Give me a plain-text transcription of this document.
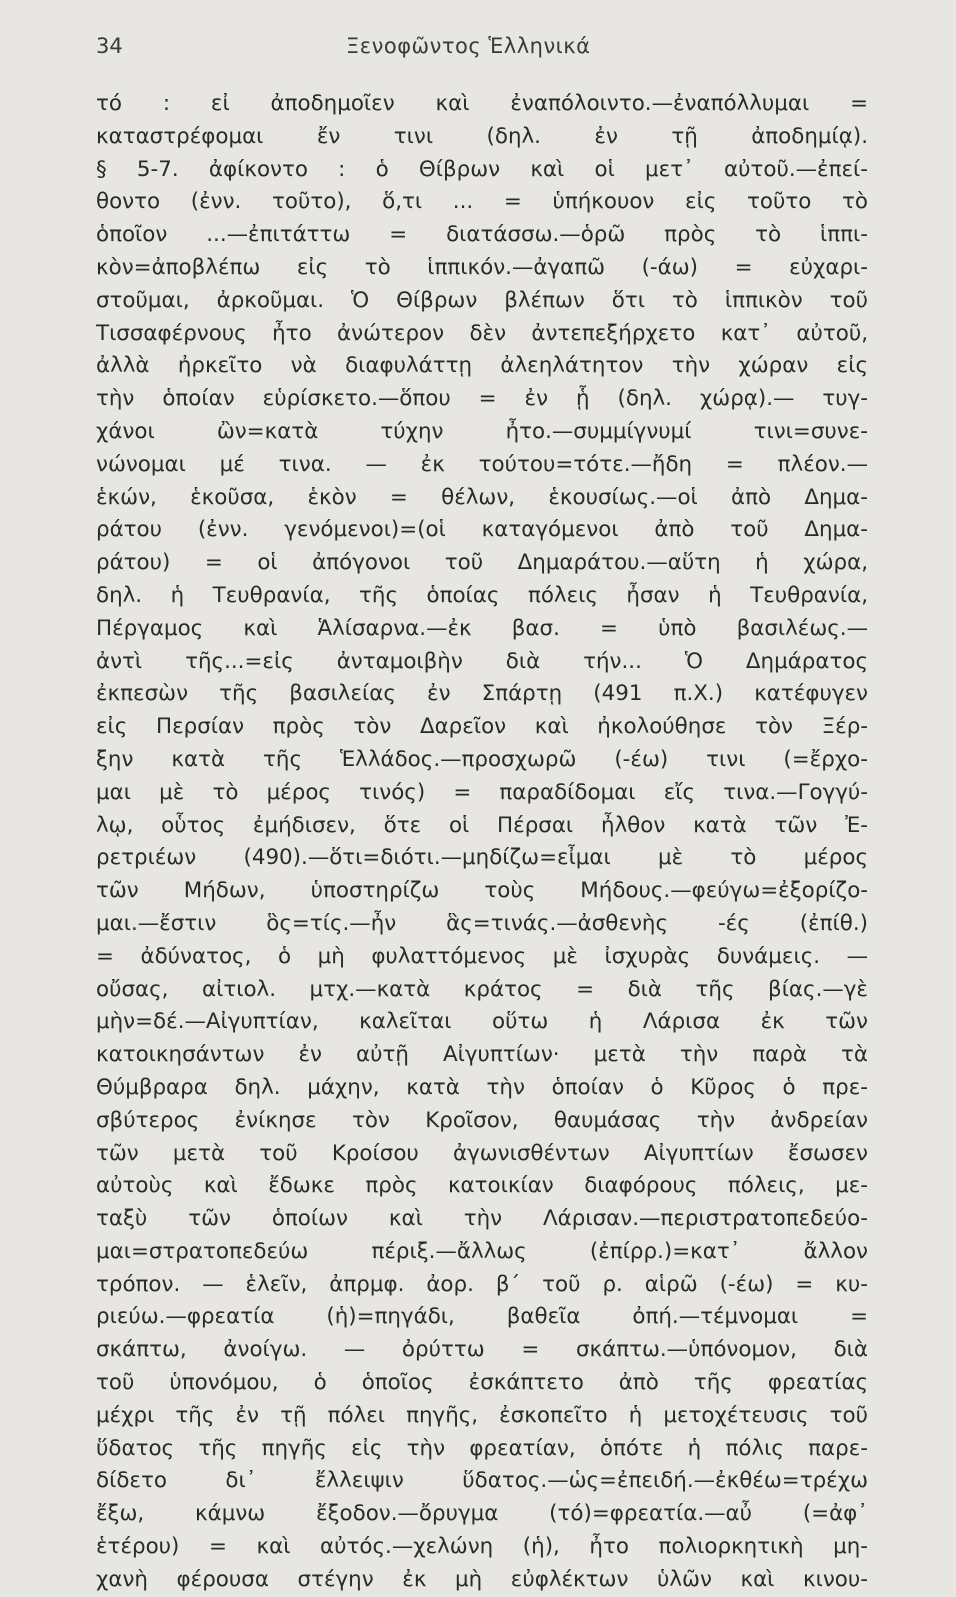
34	Ξενοφῶντος Ἑλληνικά
τό : εἰ ἀποδημοῖεν καὶ ἐναπόλοιντο.—ἐναπόλλυμαι =
καταστρέφομαι ἔν τινι (δηλ. ἐν τῇ ἀποδημίᾳ).
§ 5-7. ἀφίκοντο : ὁ Θίβρων καὶ οἱ μετ᾽ αὐτοῦ.—ἐπεί-
θοντο (ἐνν. τοῦτο), ὅ,τι ... = ὑπήκουον εἰς τοῦτο τὸ
ὁποῖον ...—ἐπιτάττω = διατάσσω.—ὁρῶ πρὸς τὸ ἱππι-
κὸν=ἀποβλέπω εἰς τὸ ἱππικόν.—ἀγαπῶ (-άω) = εὐχαρι-
στοῦμαι, ἀρκοῦμαι. Ὁ Θίβρων βλέπων ὅτι τὸ ἱππικὸν τοῦ
Τισσαφέρνους ἦτο ἀνώτερον δὲν ἀντεπεξήρχετο κατ᾽ αὐτοῦ,
ἀλλὰ ἠρκεῖτο νὰ διαφυλάττῃ ἀλεηλάτητον τὴν χώραν εἰς
τὴν ὁποίαν εὑρίσκετο.—ὅπου = ἐν ᾗ (δηλ. χώρᾳ).— τυγ-
χάνοι ὢν=κατὰ τύχην ἦτο.—συμμίγνυμί τινι=συνε-
νώνομαι μέ τινα. — ἐκ τούτου=τότε.—ἤδη = πλέον.—
ἑκών, ἑκοῦσα, ἑκὸν = θέλων, ἑκουσίως.—οἱ ἀπὸ Δημα-
ράτου (ἐνν. γενόμενοι)=(οἱ καταγόμενοι ἀπὸ τοῦ Δημα-
ράτου) = οἱ ἀπόγονοι τοῦ Δημαράτου.—αὕτη ἡ χώρα,
δηλ. ἡ Τευθρανία, τῆς ὁποίας πόλεις ἦσαν ἡ Τευθρανία,
Πέργαμος καὶ Ἁλίσαρνα.—ἐκ βασ. = ὑπὸ βασιλέως.—
ἀντὶ τῆς...=εἰς ἀνταμοιβὴν διὰ τήν... Ὁ Δημάρατος
ἐκπεσὼν τῆς βασιλείας ἐν Σπάρτῃ (491 π.Χ.) κατέφυγεν
εἰς Περσίαν πρὸς τὸν Δαρεῖον καὶ ἠκολούθησε τὸν Ξέρ-
ξην κατὰ τῆς Ἑλλάδος.—προσχωρῶ (-έω) τινι (=ἔρχο-
μαι μὲ τὸ μέρος τινός) = παραδίδομαι εἴς τινα.—Γογγύ-
λῳ, οὗτος ἐμήδισεν, ὅτε οἱ Πέρσαι ἦλθον κατὰ τῶν Ἐ-
ρετριέων (490).—ὅτι=διότι.—μηδίζω=εἶμαι μὲ τὸ μέρος
τῶν Μήδων, ὑποστηρίζω τοὺς Μήδους.—φεύγω=ἐξορίζο-
μαι.—ἔστιν ὃς=τίς.—ἦν ἃς=τινάς.—ἀσθενὴς -ές (ἐπίθ.)
= ἀδύνατος, ὁ μὴ φυλαττόμενος μὲ ἰσχυρὰς δυνάμεις. —
οὔσας, αἰτιολ. μτχ.—κατὰ κράτος = διὰ τῆς βίας.—γὲ
μὴν=δέ.—Αἰγυπτίαν, καλεῖται οὕτω ἡ Λάρισα ἐκ τῶν
κατοικησάντων ἐν αὐτῇ Αἰγυπτίων· μετὰ τὴν παρὰ τὰ
Θύμβραρα δηλ. μάχην, κατὰ τὴν ὁποίαν ὁ Κῦρος ὁ πρε-
σβύτερος ἐνίκησε τὸν Κροῖσον, θαυμάσας τὴν ἀνδρείαν
τῶν μετὰ τοῦ Κροίσου ἀγωνισθέντων Αἰγυπτίων ἔσωσεν
αὐτοὺς καὶ ἔδωκε πρὸς κατοικίαν διαφόρους πόλεις, με-
ταξὺ τῶν ὁποίων καὶ τὴν Λάρισαν.—περιστρατοπεδεύο-
μαι=στρατοπεδεύω πέριξ.—ἄλλως (ἐπίρρ.)=κατ᾽ ἄλλον
τρόπον. — ἑλεῖν, ἀπρμφ. ἀορ. β´ τοῦ ρ. αἱρῶ (-έω) = κυ-
ριεύω.—φρεατία (ἡ)=πηγάδι, βαθεῖα ὀπή.—τέμνομαι =
σκάπτω, ἀνοίγω. — ὀρύττω = σκάπτω.—ὑπόνομον, διὰ
τοῦ ὑπονόμου, ὁ ὁποῖος ἐσκάπτετο ἀπὸ τῆς φρεατίας
μέχρι τῆς ἐν τῇ πόλει πηγῆς, ἐσκοπεῖτο ἡ μετοχέτευσις τοῦ
ὕδατος τῆς πηγῆς εἰς τὴν φρεατίαν, ὁπότε ἡ πόλις παρε-
δίδετο δι᾽ ἔλλειψιν ὕδατος.—ὡς=ἐπειδή.—ἐκθέω=τρέχω
ἔξω, κάμνω ἔξοδον.—ὄρυγμα (τό)=φρεατία.—αὖ (=ἀφ᾽
ἑτέρου) = καὶ αὐτός.—χελώνη (ἡ), ἦτο πολιορκητικὴ μη-
χανὴ φέρουσα στέγην ἐκ μὴ εὐφλέκτων ὑλῶν καὶ κινου-
